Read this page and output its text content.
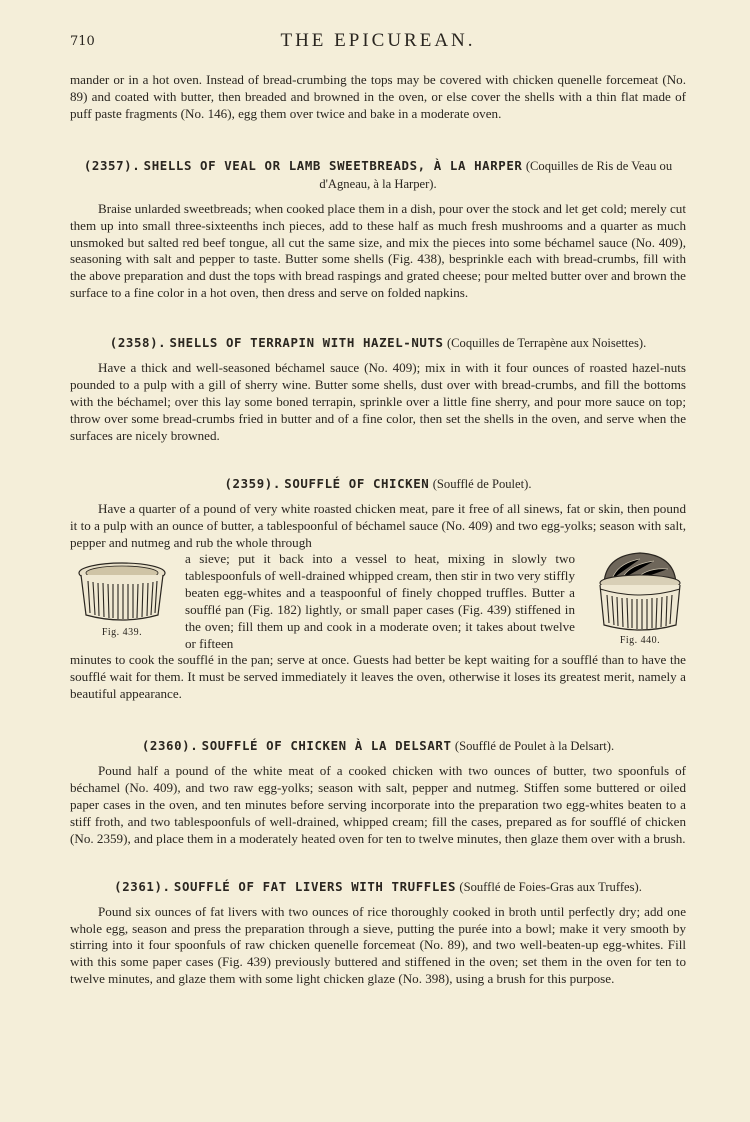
710	THE EPICUREAN.

mander or in a hot oven. Instead of bread-crumbing the tops may be covered with chicken quenelle forcemeat (No. 89) and coated with butter, then breaded and browned in the oven, or else cover the shells with a thin flat made of puff paste fragments (No. 146), egg them over twice and bake in a moderate oven.

(2357). SHELLS OF VEAL OR LAMB SWEETBREADS, À LA HARPER (Coquilles de Ris de Veau ou d'Agneau, à la Harper).

Braise unlarded sweetbreads; when cooked place them in a dish, pour over the stock and let get cold; merely cut them up into small three-sixteenths inch pieces, add to these half as much fresh mushrooms and a quarter as much unsmoked but salted red beef tongue, all cut the same size, and mix the pieces into some béchamel sauce (No. 409), seasoning with salt and pepper to taste. Butter some shells (Fig. 438), besprinkle each with bread-crumbs, fill with the above preparation and dust the tops with bread raspings and grated cheese; pour melted butter over and brown the surface to a fine color in a hot oven, then dress and serve on folded napkins.

(2358). SHELLS OF TERRAPIN WITH HAZEL-NUTS (Coquilles de Terrapène aux Noisettes).

Have a thick and well-seasoned béchamel sauce (No. 409); mix in with it four ounces of roasted hazel-nuts pounded to a pulp with a gill of sherry wine. Butter some shells, dust over with bread-crumbs, and fill the bottoms with the béchamel; over this lay some boned terrapin, sprinkle over a little fine sherry, and pour more sauce on top; throw over some bread-crumbs fried in butter and of a fine color, then set the shells in the oven, and serve when the surfaces are nicely browned.

(2359). SOUFFLÉ OF CHICKEN (Soufflé de Poulet).

Have a quarter of a pound of very white roasted chicken meat, pare it free of all sinews, fat or skin, then pound it to a pulp with an ounce of butter, a tablespoonful of béchamel sauce (No. 409) and two egg-yolks; season with salt, pepper and nutmeg and rub the whole through

Fig. 439.

a sieve; put it back into a vessel to heat, mixing in slowly two tablespoonfuls of well-drained whipped cream, then stir in two very stiffly beaten egg-whites and a teaspoonful of finely chopped truffles. Butter a soufflé pan (Fig. 182) lightly, or small paper cases (Fig. 439) stiffened in the oven; fill them up and cook in a moderate oven; it takes about twelve or fifteen	Fig. 440.

minutes to cook the soufflé in the pan; serve at once. Guests had better be kept waiting for a soufflé than to have the soufflé wait for them. It must be served immediately it leaves the oven, otherwise it loses its greatest merit, namely a beautiful appearance.

(2360). SOUFFLÉ OF CHICKEN À LA DELSART (Soufflé de Poulet à la Delsart).

Pound half a pound of the white meat of a cooked chicken with two ounces of butter, two spoonfuls of béchamel (No. 409), and two raw egg-yolks; season with salt, pepper and nutmeg. Stiffen some buttered or oiled paper cases in the oven, and ten minutes before serving incorporate into the preparation two egg-whites beaten to a stiff froth, and two tablespoonfuls of well-drained, whipped cream; fill the cases, prepared as for soufflé of chicken (No. 2359), and place them in a moderately heated oven for ten to twelve minutes, then glaze them over with a brush.

(2361). SOUFFLÉ OF FAT LIVERS WITH TRUFFLES (Soufflé de Foies-Gras aux Truffes).

Pound six ounces of fat livers with two ounces of rice thoroughly cooked in broth until perfectly dry; add one whole egg, season and press the preparation through a sieve, putting the purée into a bowl; make it very smooth by stirring into it four spoonfuls of raw chicken quenelle forcemeat (No. 89), and two well-beaten-up egg-whites. Fill with this some paper cases (Fig. 439) previously buttered and stiffened in the oven; set them in the oven for ten to twelve minutes, and glaze them with some light chicken glaze (No. 398), using a brush for this purpose.
